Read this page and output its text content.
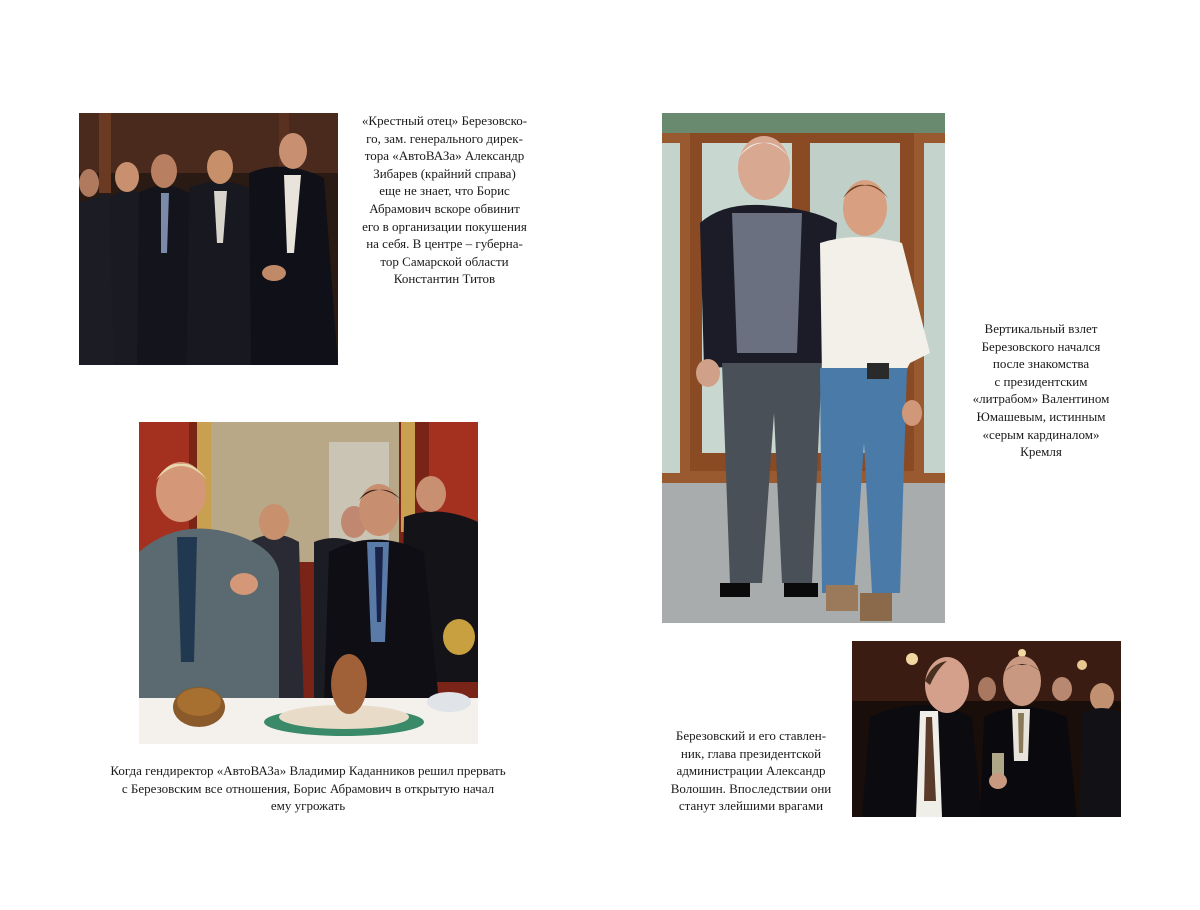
«Крестный отец» Березовско-
го, зам. генерального дирек-
тора «АвтоВАЗа» Александр
Зибарев (крайний справа)
еще не знает, что Борис
Абрамович вскоре обвинит
его в организации покушения
на себя. В центре – губерна-
тор Самарской области
Константин Титов
Вертикальный взлет
Березовского начался
после знакомства
с президентским
«литрабом» Валентином
Юмашевым, истинным
«серым кардиналом»
Кремля
Когда гендиректор «АвтоВАЗа» Владимир Каданников решил прервать
с Березовским все отношения, Борис Абрамович в открытую начал
ему угрожать
Березовский и его ставлен-
ник, глава президентской
администрации Александр
Волошин. Впоследствии они
станут злейшими врагами
